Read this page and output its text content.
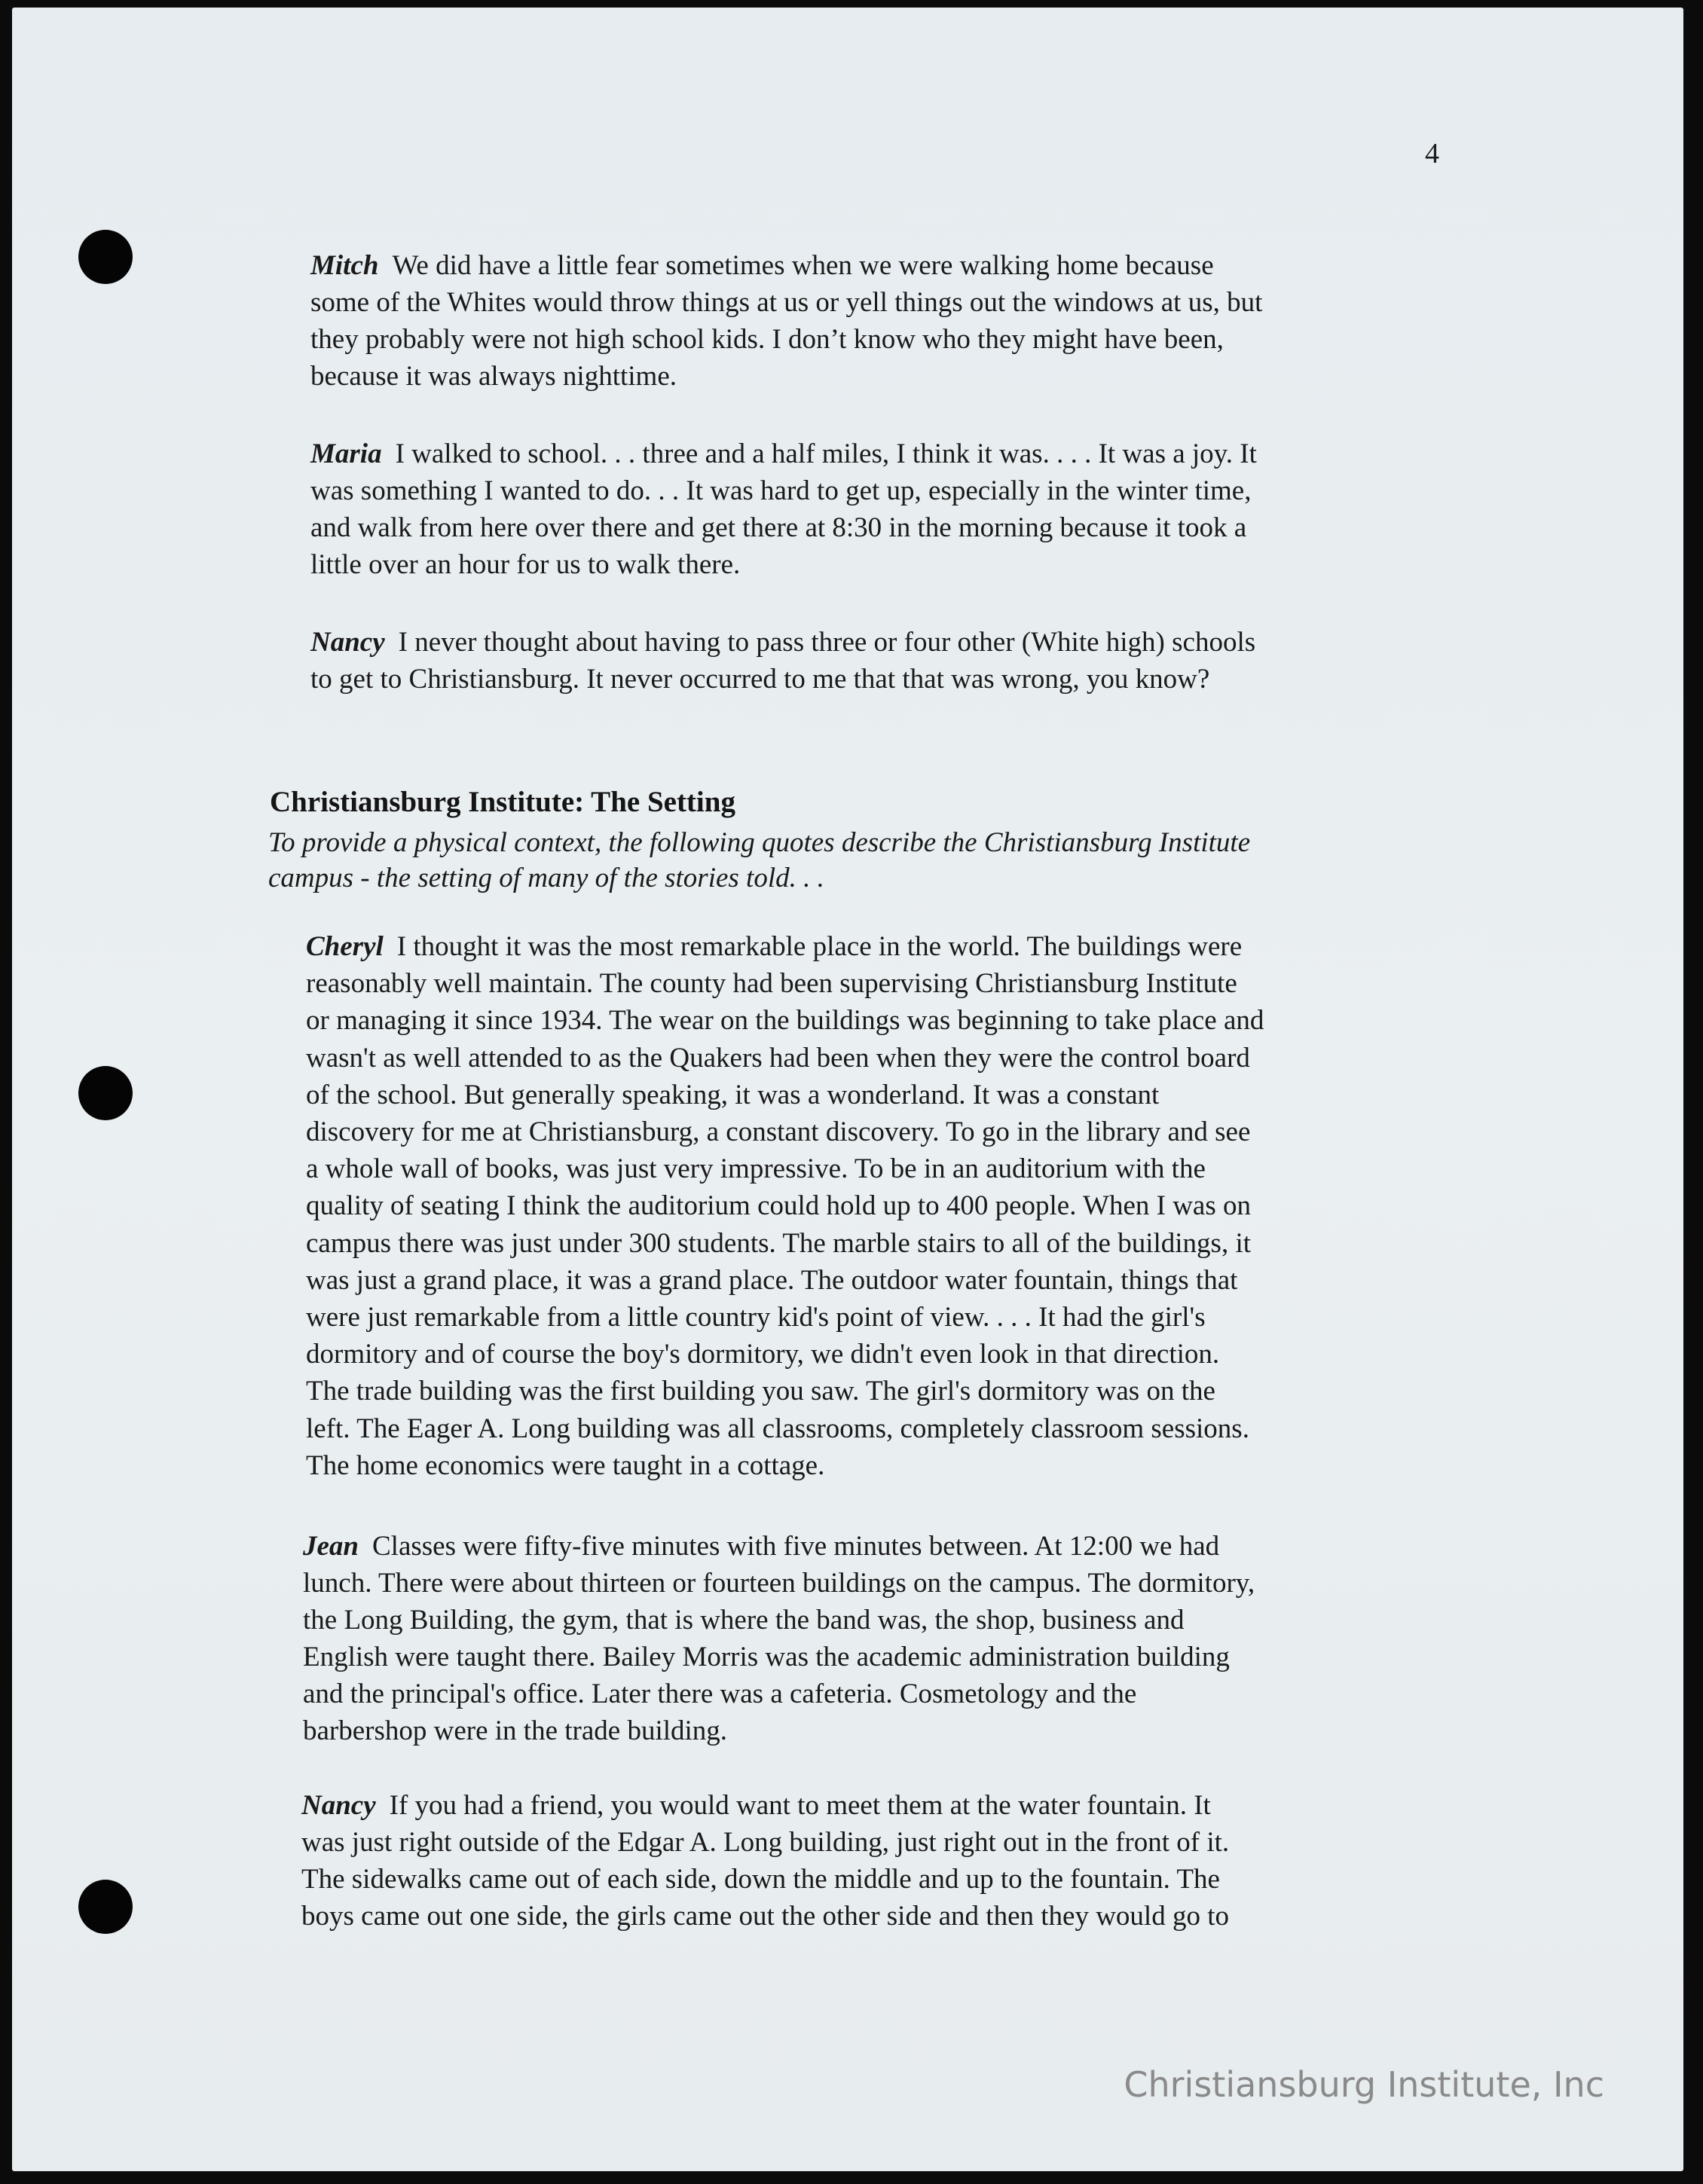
4
Mitch We did have a little fear sometimes when we were walking home because
some of the Whites would throw things at us or yell things out the windows at us, but
they probably were not high school kids. I don’t know who they might have been,
because it was always nighttime.
Maria I walked to school. . . three and a half miles, I think it was. . . . It was a joy. It
was something I wanted to do. . . It was hard to get up, especially in the winter time,
and walk from here over there and get there at 8:30 in the morning because it took a
little over an hour for us to walk there.
Nancy I never thought about having to pass three or four other (White high) schools
to get to Christiansburg. It never occurred to me that that was wrong, you know?
Christiansburg Institute: The Setting
To provide a physical context, the following quotes describe the Christiansburg Institute
campus - the setting of many of the stories told. . .
Cheryl I thought it was the most remarkable place in the world. The buildings were
reasonably well maintain. The county had been supervising Christiansburg Institute
or managing it since 1934. The wear on the buildings was beginning to take place and
wasn't as well attended to as the Quakers had been when they were the control board
of the school. But generally speaking, it was a wonderland. It was a constant
discovery for me at Christiansburg, a constant discovery. To go in the library and see
a whole wall of books, was just very impressive. To be in an auditorium with the
quality of seating I think the auditorium could hold up to 400 people. When I was on
campus there was just under 300 students. The marble stairs to all of the buildings, it
was just a grand place, it was a grand place. The outdoor water fountain, things that
were just remarkable from a little country kid's point of view. . . . It had the girl's
dormitory and of course the boy's dormitory, we didn't even look in that direction.
The trade building was the first building you saw. The girl's dormitory was on the
left. The Eager A. Long building was all classrooms, completely classroom sessions.
The home economics were taught in a cottage.
Jean Classes were fifty-five minutes with five minutes between. At 12:00 we had
lunch. There were about thirteen or fourteen buildings on the campus. The dormitory,
the Long Building, the gym, that is where the band was, the shop, business and
English were taught there. Bailey Morris was the academic administration building
and the principal's office. Later there was a cafeteria. Cosmetology and the
barbershop were in the trade building.
Nancy If you had a friend, you would want to meet them at the water fountain. It
was just right outside of the Edgar A. Long building, just right out in the front of it.
The sidewalks came out of each side, down the middle and up to the fountain. The
boys came out one side, the girls came out the other side and then they would go to
Christiansburg Institute, Inc
